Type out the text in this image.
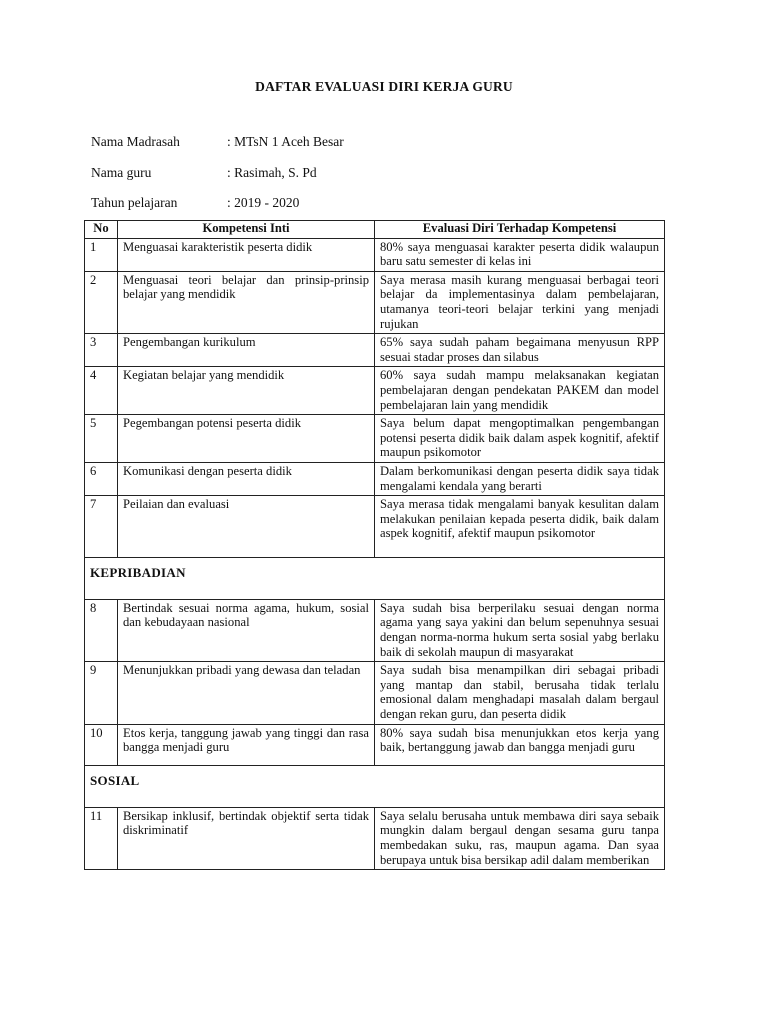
DAFTAR EVALUASI DIRI KERJA GURU
Nama Madrasah	: MTsN 1 Aceh Besar
Nama guru	: Rasimah, S. Pd
Tahun pelajaran	: 2019 - 2020
No	Kompetensi Inti	Evaluasi Diri Terhadap Kompetensi
1	Menguasai karakteristik peserta didik	80% saya menguasai karakter peserta didik walaupun baru satu semester di kelas ini
2	Menguasai teori belajar dan prinsip-prinsip belajar yang mendidik	Saya merasa masih kurang menguasai berbagai teori belajar da implementasinya dalam pembelajaran, utamanya teori-teori belajar terkini yang menjadi rujukan
3	Pengembangan kurikulum	65% saya sudah paham begaimana menyusun RPP sesuai stadar proses dan silabus
4	Kegiatan belajar yang mendidik	60% saya sudah mampu melaksanakan kegiatan pembelajaran dengan pendekatan PAKEM dan model pembelajaran lain yang mendidik
5	Pegembangan potensi peserta didik	Saya belum dapat mengoptimalkan pengembangan potensi peserta didik baik dalam aspek kognitif, afektif maupun psikomotor
6	Komunikasi dengan peserta didik	Dalam berkomunikasi dengan peserta didik saya tidak mengalami kendala yang berarti
7	Peilaian dan evaluasi	Saya merasa tidak mengalami banyak kesulitan dalam melakukan penilaian kepada peserta didik, baik dalam aspek kognitif, afektif maupun psikomotor
KEPRIBADIAN		
8	Bertindak sesuai norma agama, hukum, sosial dan kebudayaan nasional	Saya sudah bisa berperilaku sesuai dengan norma agama yang saya yakini dan belum sepenuhnya sesuai dengan norma-norma hukum serta sosial yabg berlaku baik di sekolah maupun di masyarakat
9	Menunjukkan pribadi yang dewasa dan teladan	Saya sudah bisa menampilkan diri sebagai pribadi yang mantap dan stabil, berusaha tidak terlalu emosional dalam menghadapi masalah dalam bergaul dengan rekan guru, dan peserta didik
10	Etos kerja, tanggung jawab yang tinggi dan rasa bangga menjadi guru	80% saya sudah bisa menunjukkan etos kerja yang baik, bertanggung jawab dan bangga menjadi guru
SOSIAL		
11	Bersikap inklusif, bertindak objektif serta tidak diskriminatif	Saya selalu berusaha untuk membawa diri saya sebaik mungkin dalam bergaul dengan sesama guru tanpa membedakan suku, ras, maupun agama. Dan syaa berupaya untuk bisa bersikap adil dalam memberikan
